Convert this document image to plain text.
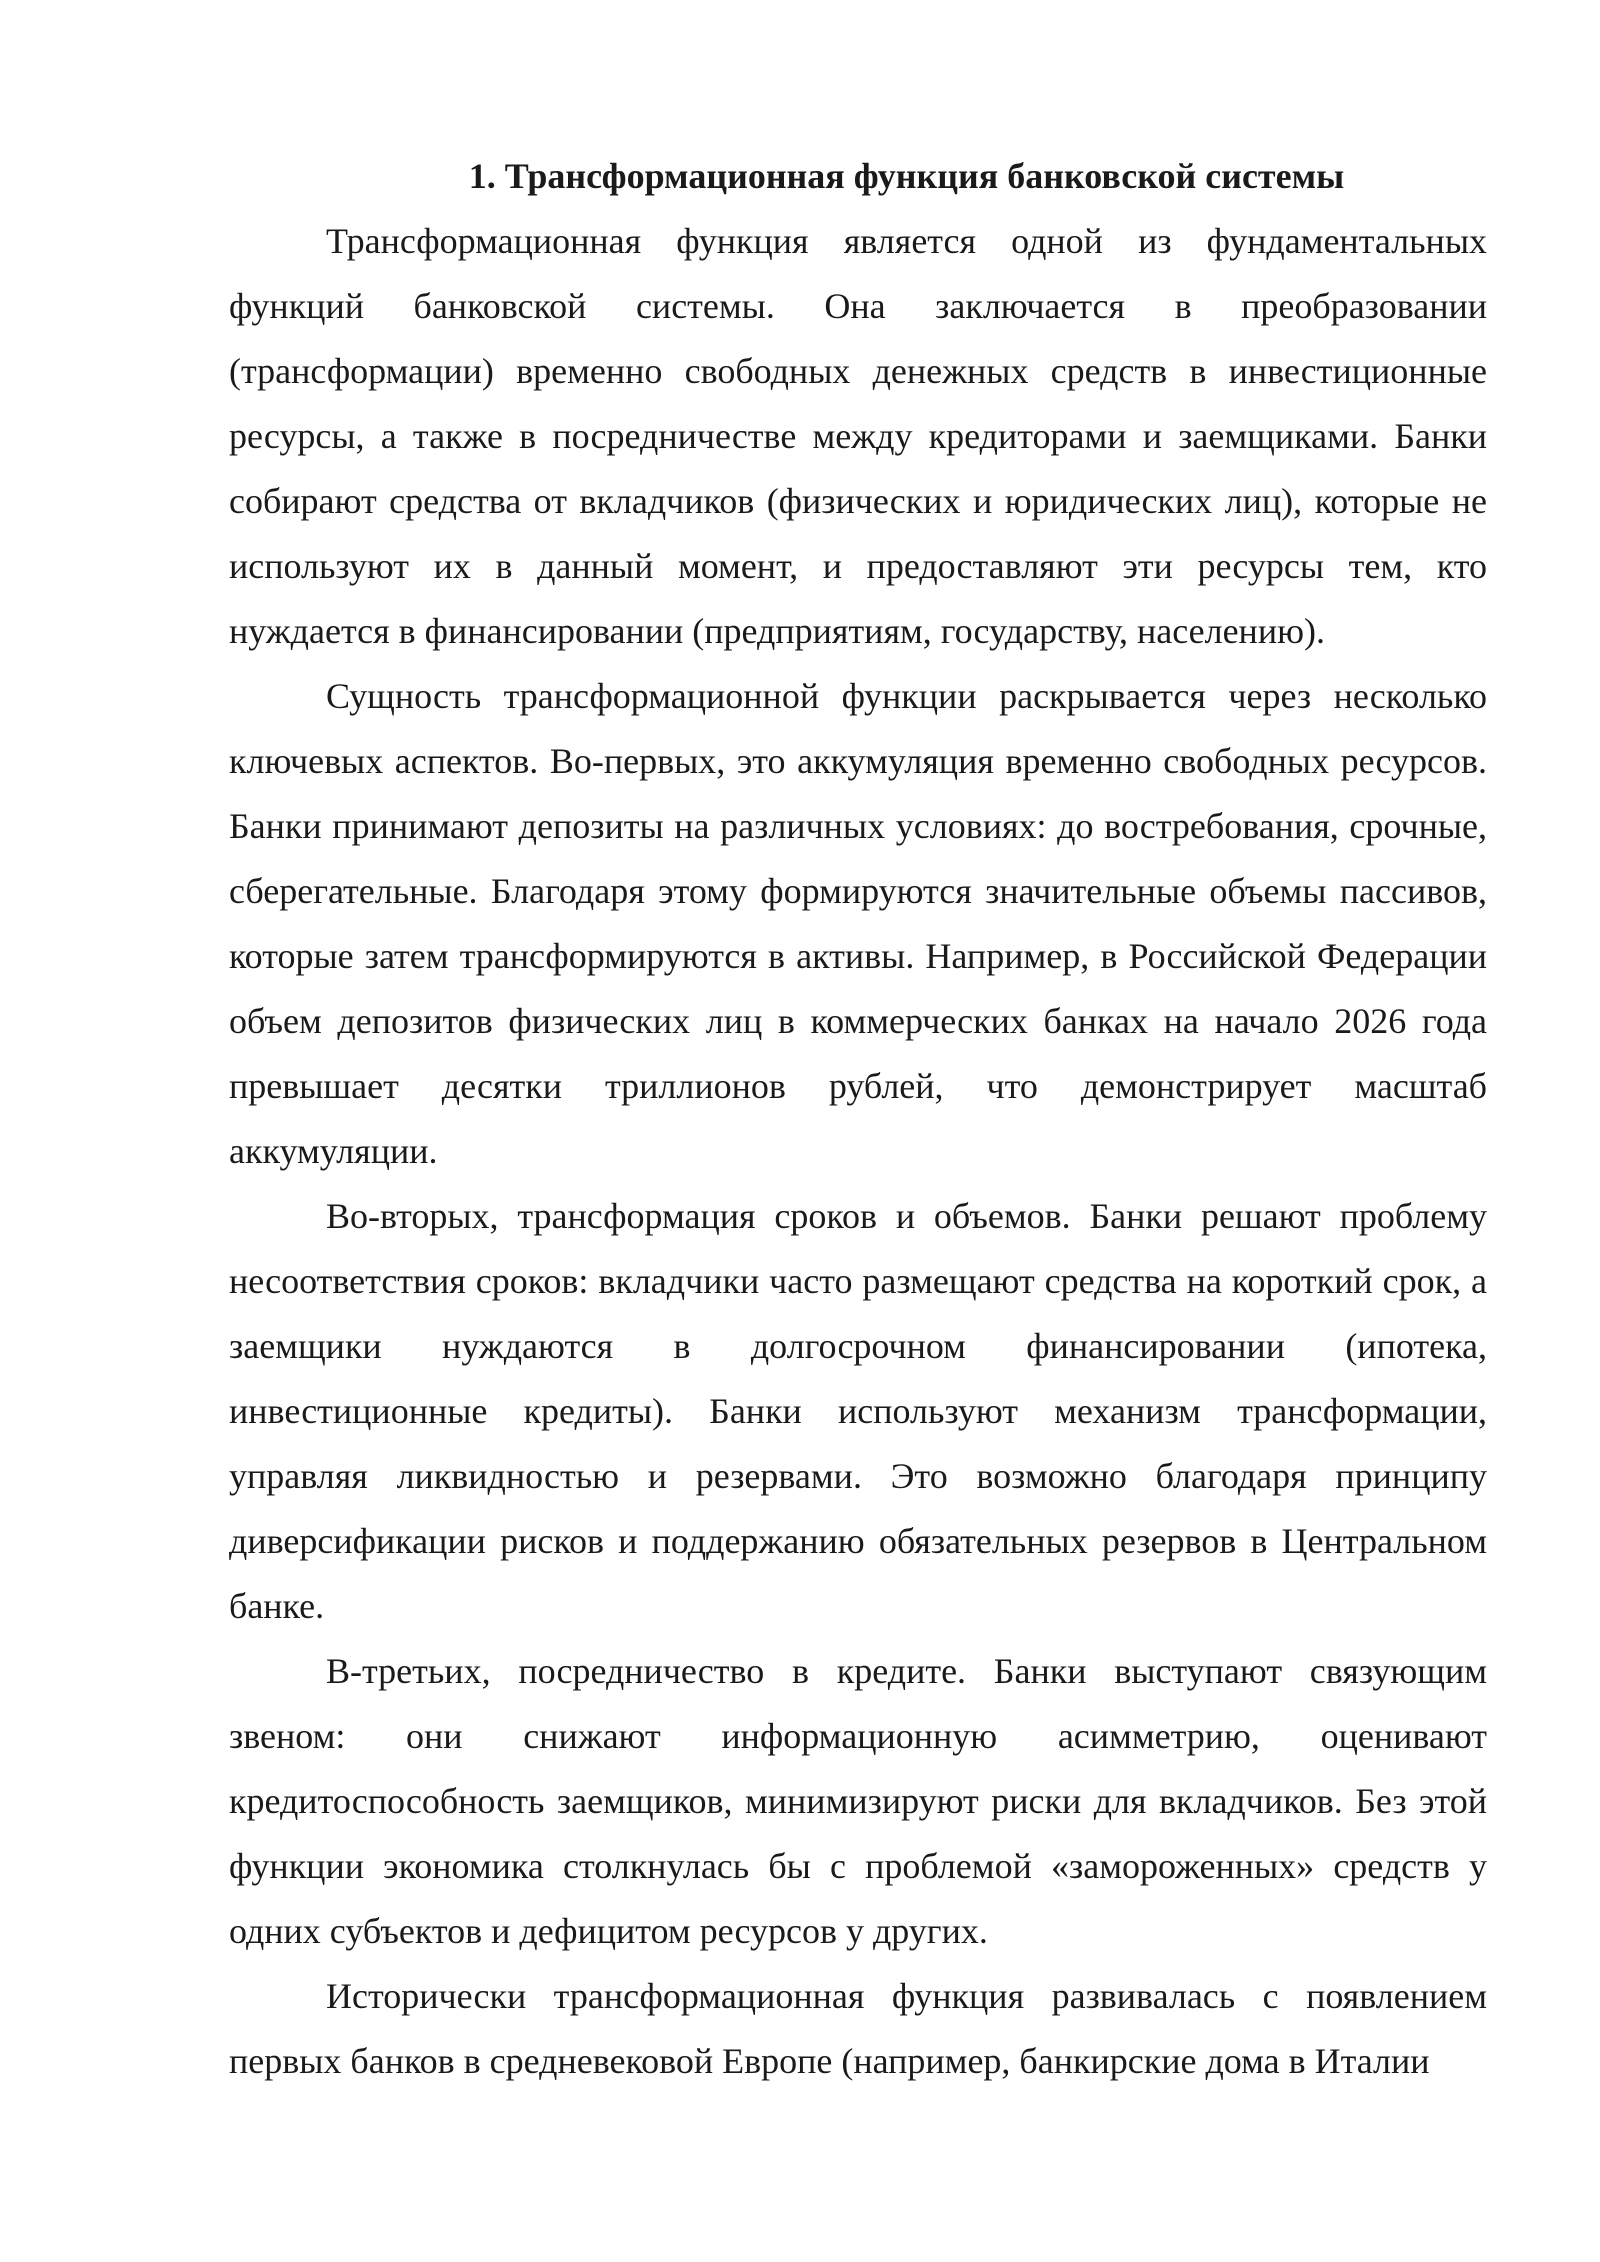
1. Трансформационная функция банковской системы

Трансформационная функция является одной из фундаментальных функций банковской системы. Она заключается в преобразовании (трансформации) временно свободных денежных средств в инвестиционные ресурсы, а также в посредничестве между кредиторами и заемщиками. Банки собирают средства от вкладчиков (физических и юридических лиц), которые не используют их в данный момент, и предоставляют эти ресурсы тем, кто нуждается в финансировании (предприятиям, государству, населению).

Сущность трансформационной функции раскрывается через несколько ключевых аспектов. Во-первых, это аккумуляция временно свободных ресурсов. Банки принимают депозиты на различных условиях: до востребования, срочные, сберегательные. Благодаря этому формируются значительные объемы пассивов, которые затем трансформируются в активы. Например, в Российской Федерации объем депозитов физических лиц в коммерческих банках на начало 2026 года превышает десятки триллионов рублей, что демонстрирует масштаб аккумуляции.

Во-вторых, трансформация сроков и объемов. Банки решают проблему несоответствия сроков: вкладчики часто размещают средства на короткий срок, а заемщики нуждаются в долгосрочном финансировании (ипотека, инвестиционные кредиты). Банки используют механизм трансформации, управляя ликвидностью и резервами. Это возможно благодаря принципу диверсификации рисков и поддержанию обязательных резервов в Центральном банке.

В-третьих, посредничество в кредите. Банки выступают связующим звеном: они снижают информационную асимметрию, оценивают кредитоспособность заемщиков, минимизируют риски для вкладчиков. Без этой функции экономика столкнулась бы с проблемой «замороженных» средств у одних субъектов и дефицитом ресурсов у других.

Исторически трансформационная функция развивалась с появлением первых банков в средневековой Европе (например, банкирские дома в Италии
